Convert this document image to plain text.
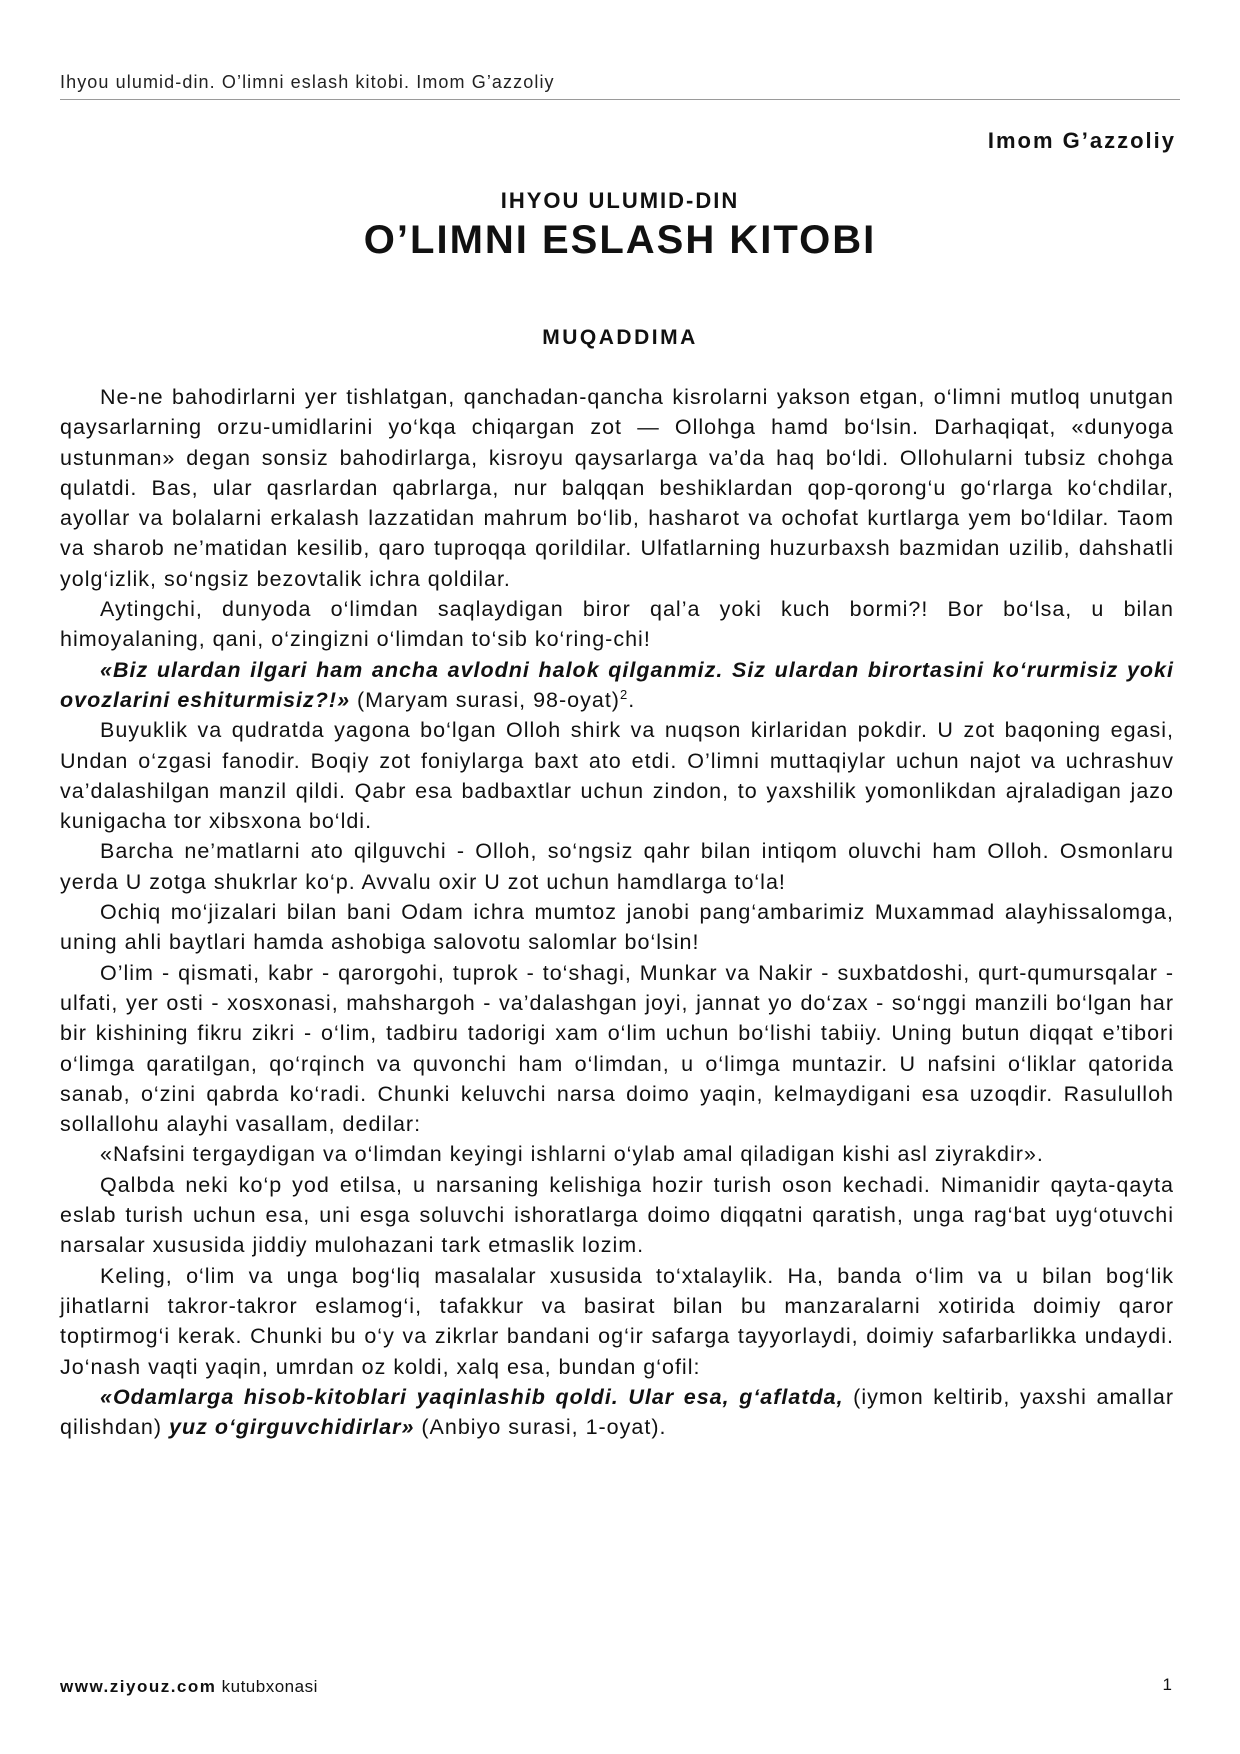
Ihyou ulumid-din. O’limni eslash kitobi. Imom G’azzoliy
Imom G’azzoliy
IHYOU ULUMID-DIN
O’LIMNI ESLASH KITOBI
MUQADDIMA

Ne-ne bahodirlarni yer tishlatgan, qanchadan-qancha kisrolarni yakson etgan, o‘limni mutloq unutgan qaysarlarning orzu-umidlarini yo‘kqa chiqargan zot — Ollohga hamd bo‘lsin. Darhaqiqat, «dunyoga ustunman» degan sonsiz bahodirlarga, kisroyu qaysarlarga va’da haq bo‘ldi. Ollohularni tubsiz chohga qulatdi. Bas, ular qasrlardan qabrlarga, nur balqqan beshiklardan qop-qorong‘u go‘rlarga ko‘chdilar, ayollar va bolalarni erkalash lazzatidan mahrum bo‘lib, hasharot va ochofat kurtlarga yem bo‘ldilar. Taom va sharob ne’matidan kesilib, qaro tuproqqa qorildilar. Ulfatlarning huzurbaxsh bazmidan uzilib, dahshatli yolg‘izlik, so‘ngsiz bezovtalik ichra qoldilar.

Aytingchi, dunyoda o‘limdan saqlaydigan biror qal’a yoki kuch bormi?! Bor bo‘lsa, u bilan himoyalaning, qani, o‘zingizni o‘limdan to‘sib ko‘ring-chi!

«Biz ulardan ilgari ham ancha avlodni halok qilganmiz. Siz ulardan birortasini ko‘rurmisiz yoki ovozlarini eshiturmisiz?!» (Maryam surasi, 98-oyat)$^2$.

Buyuklik va qudratda yagona bo‘lgan Olloh shirk va nuqson kirlaridan pokdir. U zot baqoning egasi, Undan o‘zgasi fanodir. Boqiy zot foniylarga baxt ato etdi. O’limni muttaqiylar uchun najot va uchrashuv va’dalashilgan manzil qildi. Qabr esa badbaxtlar uchun zindon, to yaxshilik yomonlikdan ajraladigan jazo kunigacha tor xibsxona bo‘ldi.

Barcha ne’matlarni ato qilguvchi - Olloh, so‘ngsiz qahr bilan intiqom oluvchi ham Olloh. Osmonlaru yerda U zotga shukrlar ko‘p. Avvalu oxir U zot uchun hamdlarga to‘la!

Ochiq mo‘jizalari bilan bani Odam ichra mumtoz janobi pang‘ambarimiz Muxammad alayhissalomga, uning ahli baytlari hamda ashobiga salovotu salomlar bo‘lsin!

O’lim - qismati, kabr - qarorgohi, tuprok - to‘shagi, Munkar va Nakir - suxbatdoshi, qurt-qumursqalar - ulfati, yer osti - xosxonasi, mahshargoh - va’dalashgan joyi, jannat yo do‘zax - so‘nggi manzili bo‘lgan har bir kishining fikru zikri - o‘lim, tadbiru tadorigi xam o‘lim uchun bo‘lishi tabiiy. Uning butun diqqat e’tibori o‘limga qaratilgan, qo‘rqinch va quvonchi ham o‘limdan, u o‘limga muntazir. U nafsini o‘liklar qatorida sanab, o‘zini qabrda ko‘radi. Chunki keluvchi narsa doimo yaqin, kelmaydigani esa uzoqdir. Rasululloh sollallohu alayhi vasallam, dedilar:

«Nafsini tergaydigan va o‘limdan keyingi ishlarni o‘ylab amal qiladigan kishi asl ziyrakdir».

Qalbda neki ko‘p yod etilsa, u narsaning kelishiga hozir turish oson kechadi. Nimanidir qayta-qayta eslab turish uchun esa, uni esga soluvchi ishoratlarga doimo diqqatni qaratish, unga rag‘bat uyg‘otuvchi narsalar xususida jiddiy mulohazani tark etmaslik lozim.

Keling, o‘lim va unga bog‘liq masalalar xususida to‘xtalaylik. Ha, banda o‘lim va u bilan bog‘lik jihatlarni takror-takror eslamog‘i, tafakkur va basirat bilan bu manzaralarni xotirida doimiy qaror toptirmog‘i kerak. Chunki bu o‘y va zikrlar bandani og‘ir safarga tayyorlaydi, doimiy safarbarlikka undaydi. Jo‘nash vaqti yaqin, umrdan oz koldi, xalq esa, bundan g‘ofil:

«Odamlarga hisob-kitoblari yaqinlashib qoldi. Ular esa, g‘aflatda, (iymon keltirib, yaxshi amallar qilishdan) yuz o‘girguvchidirlar» (Anbiyo surasi, 1-oyat).

www.ziyouz.com kutubxonasi	1
